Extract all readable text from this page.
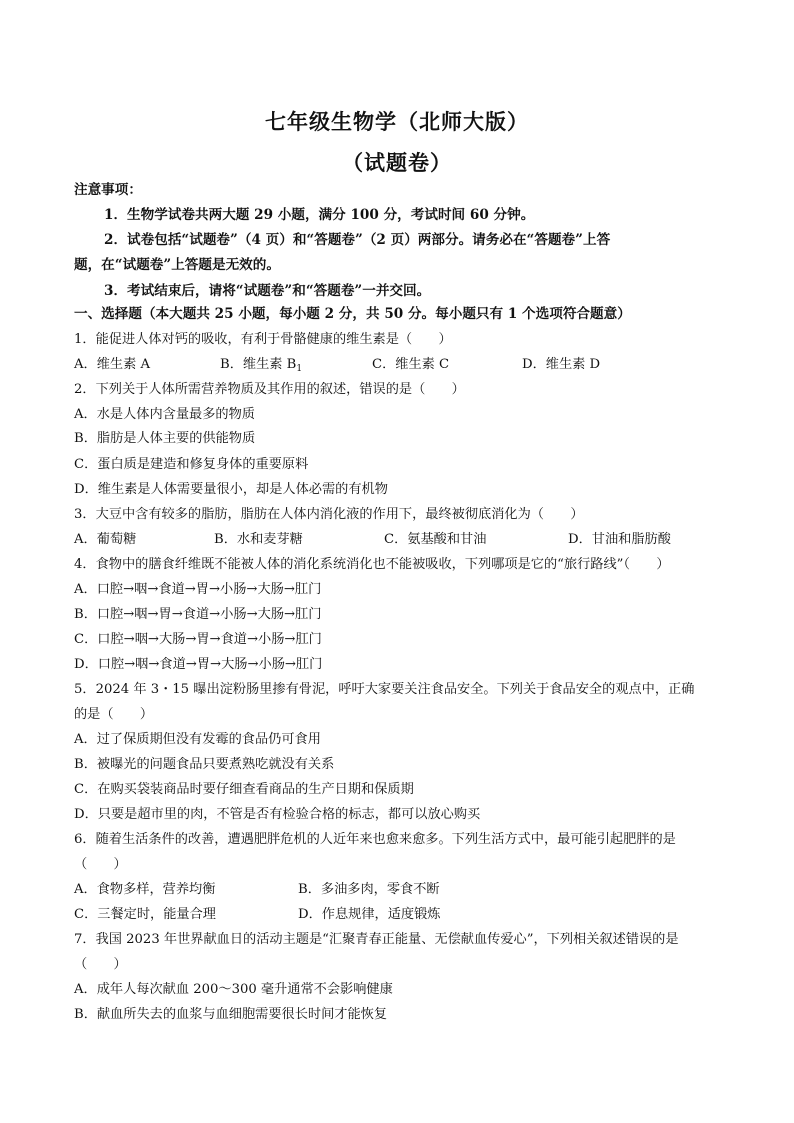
七年级生物学（北师大版）
（试题卷）
注意事项：
1．生物学试卷共两大题 29 小题，满分 100 分，考试时间 60 分钟。
2．试卷包括“试题卷”（4 页）和“答题卷”（2 页）两部分。请务必在“答题卷”上答
题，在“试题卷”上答题是无效的。
3．考试结束后，请将“试题卷”和“答题卷”一并交回。
一、选择题（本大题共 25 小题，每小题 2 分，共 50 分。每小题只有 1 个选项符合题意）
1．能促进人体对钙的吸收，有利于骨骼健康的维生素是（　　）
A．维生素 A	B．维生素 $B_1$	C．维生素 C	D．维生素 D
2．下列关于人体所需营养物质及其作用的叙述，错误的是（　　）
A．水是人体内含量最多的物质
B．脂肪是人体主要的供能物质
C．蛋白质是建造和修复身体的重要原料
D．维生素是人体需要量很小，却是人体必需的有机物
3．大豆中含有较多的脂肪，脂肪在人体内消化液的作用下，最终被彻底消化为（　　）
A．葡萄糖	B．水和麦芽糖	C．氨基酸和甘油	D．甘油和脂肪酸
4．食物中的膳食纤维既不能被人体的消化系统消化也不能被吸收，下列哪项是它的“旅行路线”（　　）
A．口腔→咽→食道→胃→小肠→大肠→肛门
B．口腔→咽→胃→食道→小肠→大肠→肛门
C．口腔→咽→大肠→胃→食道→小肠→肛门
D．口腔→咽→食道→胃→大肠→小肠→肛门
5．2024 年 3・15 曝出淀粉肠里掺有骨泥，呼吁大家要关注食品安全。下列关于食品安全的观点中，正确
的是（　　）
A．过了保质期但没有发霉的食品仍可食用
B．被曝光的问题食品只要煮熟吃就没有关系
C．在购买袋装商品时要仔细查看商品的生产日期和保质期
D．只要是超市里的肉，不管是否有检验合格的标志，都可以放心购买
6．随着生活条件的改善，遭遇肥胖危机的人近年来也愈来愈多。下列生活方式中，最可能引起肥胖的是
（　　）
A．食物多样，营养均衡	B．多油多肉，零食不断
C．三餐定时，能量合理	D．作息规律，适度锻炼
7．我国 2023 年世界献血日的活动主题是“汇聚青春正能量、无偿献血传爱心”，下列相关叙述错误的是
（　　）
A．成年人每次献血 200～300 毫升通常不会影响健康
B．献血所失去的血浆与血细胞需要很长时间才能恢复
